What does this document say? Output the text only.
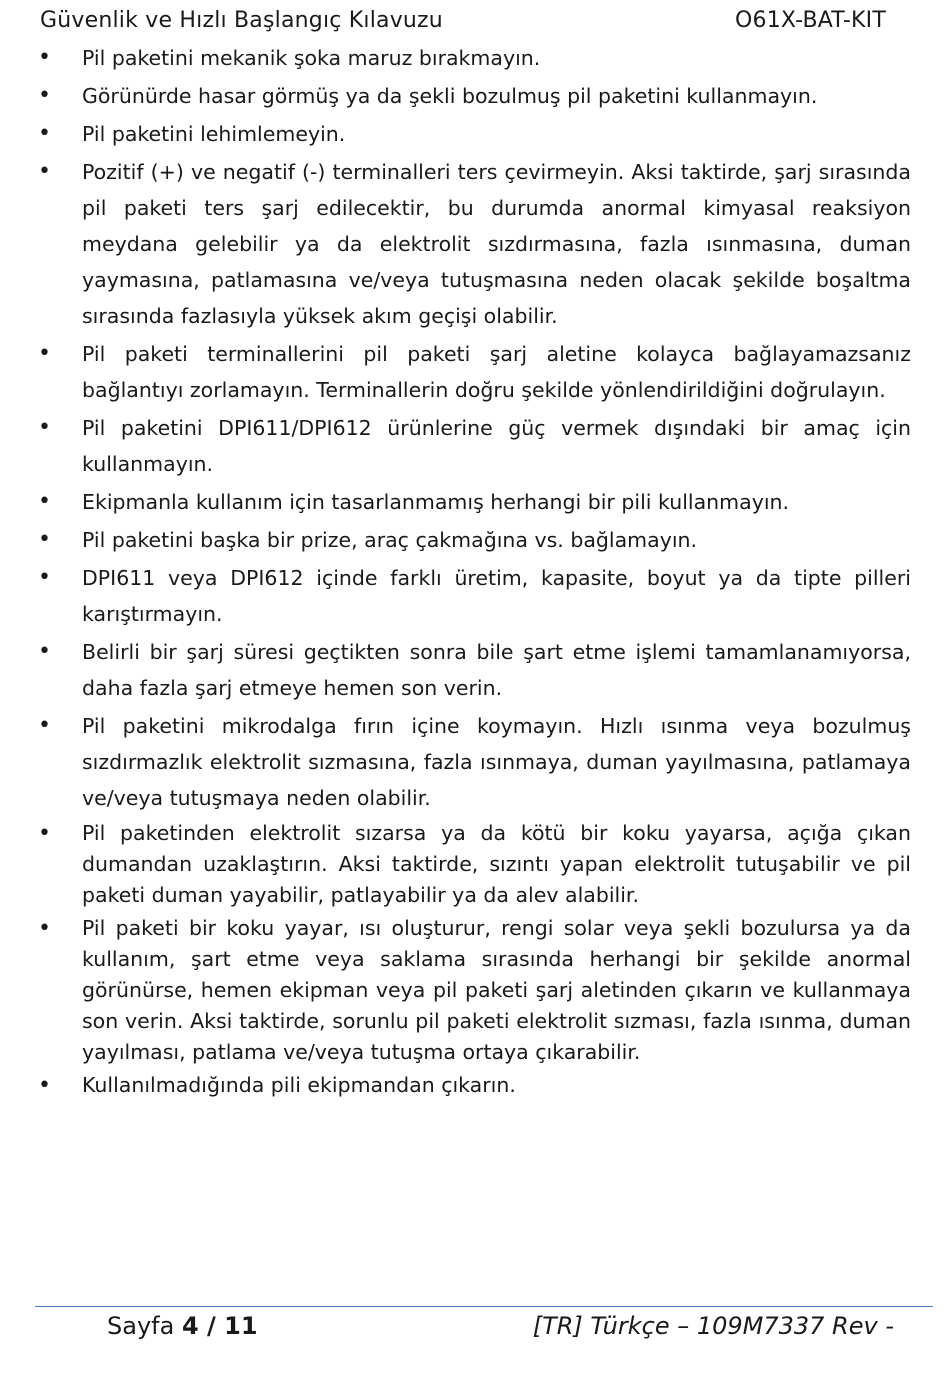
Güvenlik ve Hızlı Başlangıç Kılavuzu	O61X-BAT-KIT
• Pil paketini mekanik şoka maruz bırakmayın.
• Görünürde hasar görmüş ya da şekli bozulmuş pil paketini kullanmayın.
• Pil paketini lehimlemeyin.
• Pozitif (+) ve negatif (-) terminalleri ters çevirmeyin. Aksi taktirde, şarj sırasında pil paketi ters şarj edilecektir, bu durumda anormal kimyasal reaksiyon meydana gelebilir ya da elektrolit sızdırmasına, fazla ısınmasına, duman yaymasına, patlamasına ve/veya tutuşmasına neden olacak şekilde boşaltma sırasında fazlasıyla yüksek akım geçişi olabilir.
• Pil paketi terminallerini pil paketi şarj aletine kolayca bağlayamazsanız bağlantıyı zorlamayın. Terminallerin doğru şekilde yönlendirildiğini doğrulayın.
• Pil paketini DPI611/DPI612 ürünlerine güç vermek dışındaki bir amaç için kullanmayın.
• Ekipmanla kullanım için tasarlanmamış herhangi bir pili kullanmayın.
• Pil paketini başka bir prize, araç çakmağına vs. bağlamayın.
• DPI611 veya DPI612 içinde farklı üretim, kapasite, boyut ya da tipte pilleri karıştırmayın.
• Belirli bir şarj süresi geçtikten sonra bile şart etme işlemi tamamlanamıyorsa, daha fazla şarj etmeye hemen son verin.
• Pil paketini mikrodalga fırın içine koymayın. Hızlı ısınma veya bozulmuş sızdırmazlık elektrolit sızmasına, fazla ısınmaya, duman yayılmasına, patlamaya ve/veya tutuşmaya neden olabilir.
• Pil paketinden elektrolit sızarsa ya da kötü bir koku yayarsa, açığa çıkan dumandan uzaklaştırın. Aksi taktirde, sızıntı yapan elektrolit tutuşabilir ve pil paketi duman yayabilir, patlayabilir ya da alev alabilir.
• Pil paketi bir koku yayar, ısı oluşturur, rengi solar veya şekli bozulursa ya da kullanım, şart etme veya saklama sırasında herhangi bir şekilde anormal görünürse, hemen ekipman veya pil paketi şarj aletinden çıkarın ve kullanmaya son verin. Aksi taktirde, sorunlu pil paketi elektrolit sızması, fazla ısınma, duman yayılması, patlama ve/veya tutuşma ortaya çıkarabilir.
• Kullanılmadığında pili ekipmandan çıkarın.
Sayfa 4 / 11	[TR] Türkçe – 109M7337 Rev -
